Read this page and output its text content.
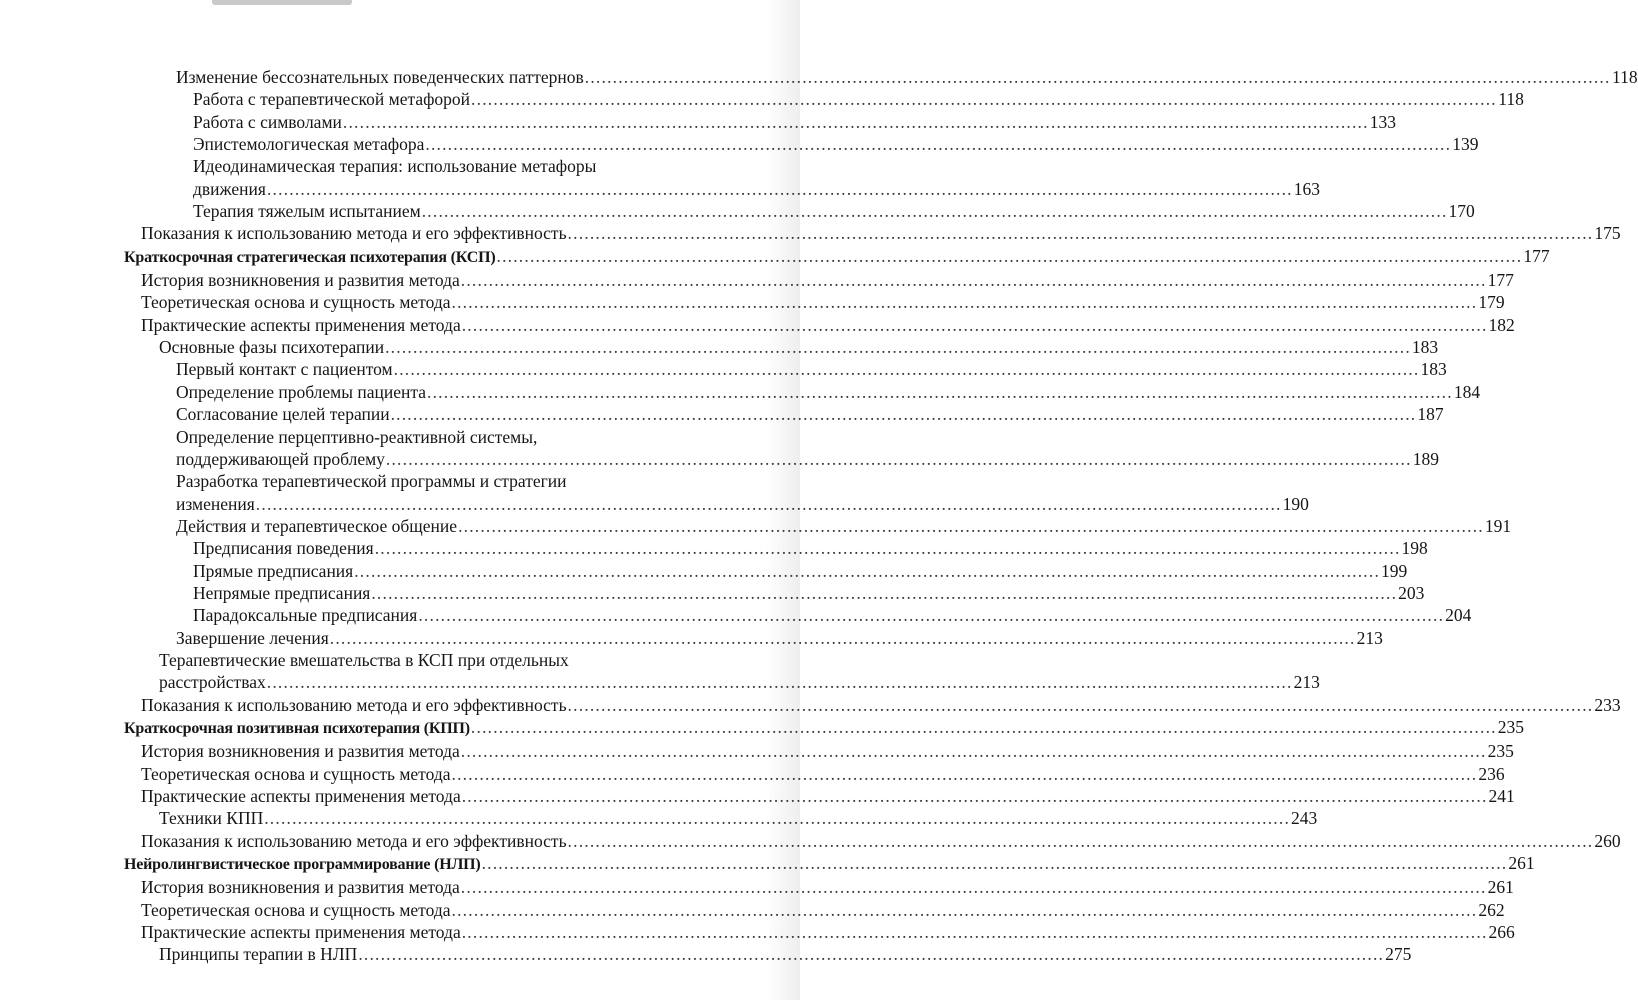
Изменение бессознательных поведенческих паттернов .....	118
Работа с терапевтической метафорой .....	118
Работа с символами .....	133
Эпистемологическая метафора .....	139
Идеодинамическая терапия: использование метафоры
движения .....	163
Терапия тяжелым испытанием .....	170
Показания к использованию метода и его эффективность .....	175
Краткосрочная стратегическая психотерапия (КСП) .....	177
История возникновения и развития метода .....	177
Теоретическая основа и сущность метода .....	179
Практические аспекты применения метода .....	182
Основные фазы психотерапии .....	183
Первый контакт с пациентом .....	183
Определение проблемы пациента .....	184
Согласование целей терапии .....	187
Определение перцептивно-реактивной системы,
поддерживающей проблему .....	189
Разработка терапевтической программы и стратегии
изменения .....	190
Действия и терапевтическое общение .....	191
Предписания поведения .....	198
Прямые предписания .....	199
Непрямые предписания .....	203
Парадоксальные предписания .....	204
Завершение лечения .....	213
Терапевтические вмешательства в КСП при отдельных
расстройствах .....	213
Показания к использованию метода и его эффективность .....	233
Краткосрочная позитивная психотерапия (КПП) .....	235
История возникновения и развития метода .....	235
Теоретическая основа и сущность метода .....	236
Практические аспекты применения метода .....	241
Техники КПП .....	243
Показания к использованию метода и его эффективность .....	260
Нейролингвистическое программирование (НЛП) .....	261
История возникновения и развития метода .....	261
Теоретическая основа и сущность метода .....	262
Практические аспекты применения метода .....	266
Принципы терапии в НЛП .....	275
